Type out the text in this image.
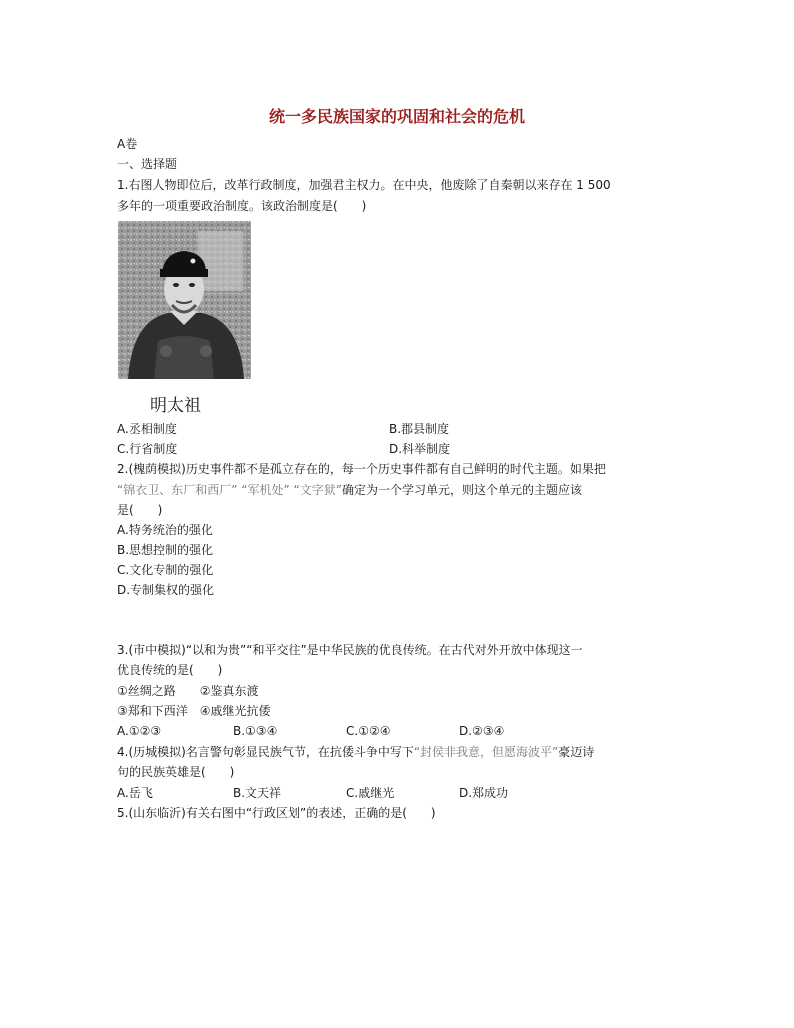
统一多民族国家的巩固和社会的危机
A卷
一、选择题
1.右图人物即位后，改革行政制度，加强君主权力。在中央，他废除了自秦朝以来存在 1 500
多年的一项重要政治制度。该政治制度是(　　)
明太祖
A.丞相制度	B.郡县制度
C.行省制度	D.科举制度
2.(槐荫模拟)历史事件都不是孤立存在的，每一个历史事件都有自己鲜明的时代主题。如果把
“锦衣卫、东厂和西厂” “军机处” “文字狱”确定为一个学习单元，则这个单元的主题应该
是(　　)
A.特务统治的强化
B.思想控制的强化
C.文化专制的强化
D.专制集权的强化
3.(市中模拟)“以和为贵”“和平交往”是中华民族的优良传统。在古代对外开放中体现这一
优良传统的是(　　)
①丝绸之路　　②鉴真东渡
③郑和下西洋　④戚继光抗倭
A.①②③	B.①③④	C.①②④	D.②③④
4.(历城模拟)名言警句彰显民族气节，在抗倭斗争中写下“封侯非我意，但愿海波平”豪迈诗
句的民族英雄是(　　)
A.岳飞	B.文天祥	C.戚继光	D.郑成功
5.(山东临沂)有关右图中“行政区划”的表述，正确的是(　　)
